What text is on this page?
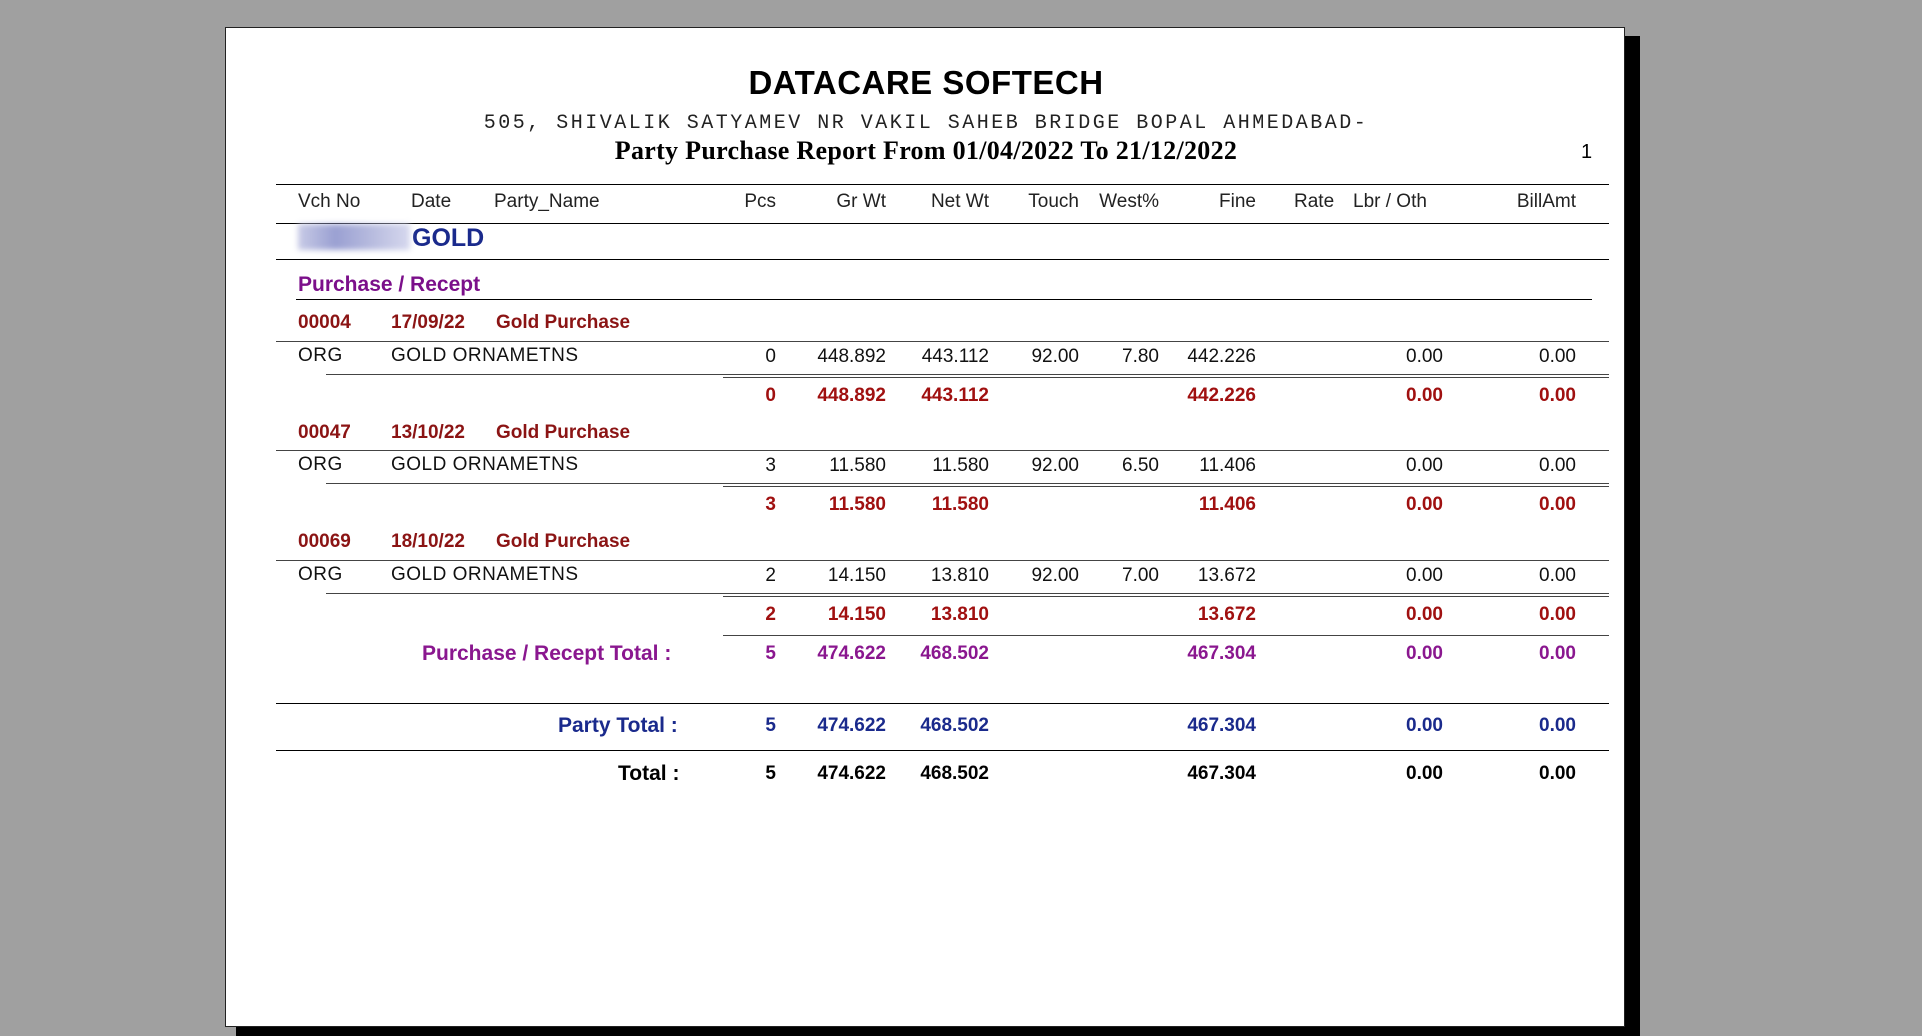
DATACARE SOFTECH
505, SHIVALIK SATYAMEV NR VAKIL SAHEB BRIDGE BOPAL AHMEDABAD-
Party Purchase Report From 01/04/2022 To 21/12/2022	1
Vch No	Date Party_Name	Pcs	Gr Wt	Net Wt	Touch	West%	Fine Rate Lbr / Oth	BillAmt
GOLD
Purchase / Recept
00004 17/09/22 Gold Purchase
ORG	GOLD ORNAMETNS	0	448.892	443.112	92.00	7.80	442.226	0.00	0.00
0	448.892	443.112	442.226	0.00	0.00
00047 13/10/22 Gold Purchase
ORG	GOLD ORNAMETNS	3	11.580	11.580	92.00	6.50	11.406	0.00	0.00
3	11.580	11.580	11.406	0.00	0.00
00069 18/10/22 Gold Purchase
ORG	GOLD ORNAMETNS	2	14.150	13.810	92.00	7.00	13.672	0.00	0.00
2	14.150	13.810	13.672	0.00	0.00
Purchase / Recept Total :	5	474.622	468.502	467.304	0.00	0.00
Party Total :	5	474.622	468.502	467.304	0.00	0.00
Total :	5	474.622	468.502	467.304	0.00	0.00
